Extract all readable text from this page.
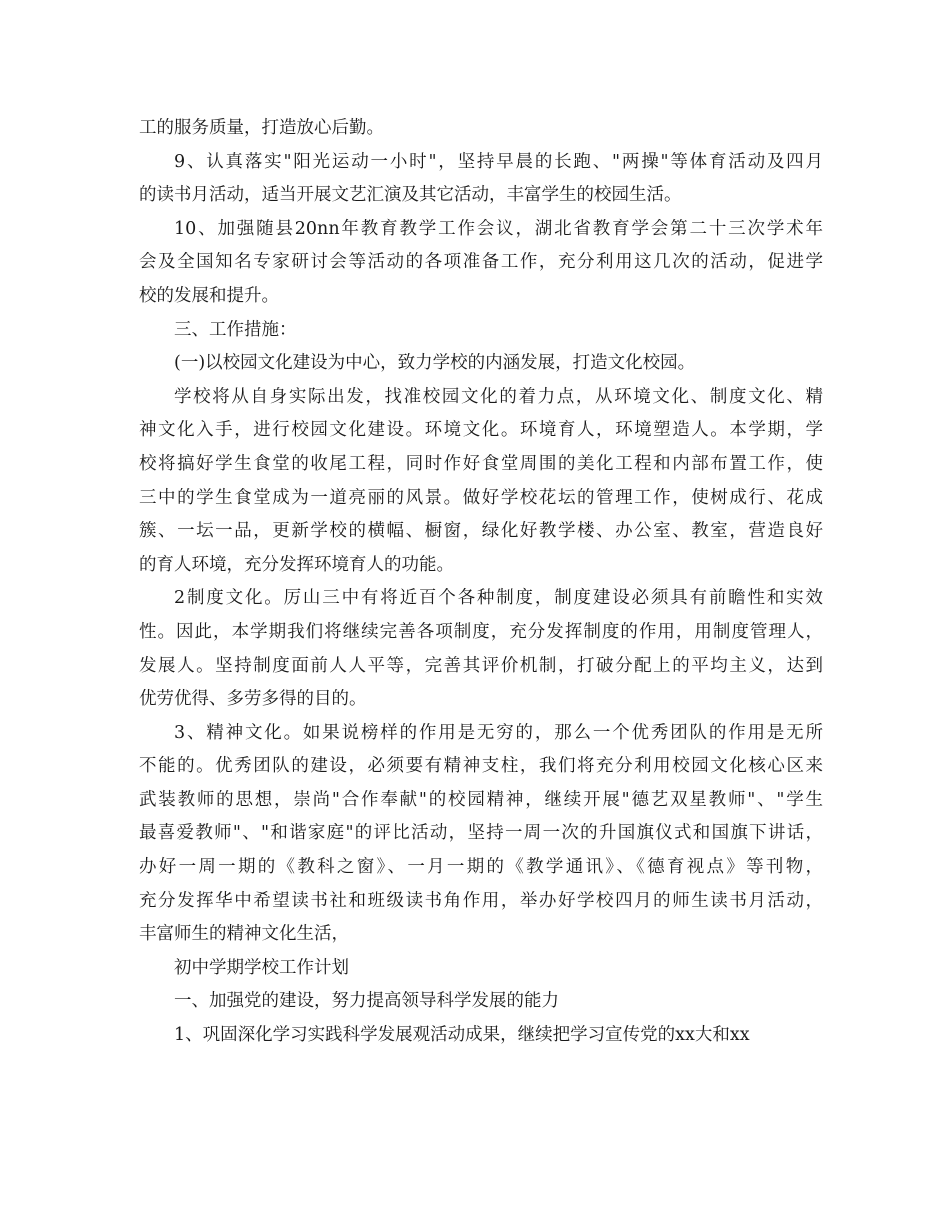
工的服务质量，打造放心后勤。

9、认真落实"阳光运动一小时"，坚持早晨的长跑、"两操"等体育活动及四月
的读书月活动，适当开展文艺汇演及其它活动，丰富学生的校园生活。

10、加强随县20nn年教育教学工作会议，湖北省教育学会第二十三次学术年
会及全国知名专家研讨会等活动的各项准备工作，充分利用这几次的活动，促进学
校的发展和提升。

三、工作措施：

(一)以校园文化建设为中心，致力学校的内涵发展，打造文化校园。

学校将从自身实际出发，找准校园文化的着力点，从环境文化、制度文化、精
神文化入手，进行校园文化建设。环境文化。环境育人，环境塑造人。本学期，学
校将搞好学生食堂的收尾工程，同时作好食堂周围的美化工程和内部布置工作，使
三中的学生食堂成为一道亮丽的风景。做好学校花坛的管理工作，使树成行、花成
簇、一坛一品，更新学校的横幅、橱窗，绿化好教学楼、办公室、教室，营造良好
的育人环境，充分发挥环境育人的功能。

2制度文化。厉山三中有将近百个各种制度，制度建设必须具有前瞻性和实效
性。因此，本学期我们将继续完善各项制度，充分发挥制度的作用，用制度管理人，
发展人。坚持制度面前人人平等，完善其评价机制，打破分配上的平均主义，达到
优劳优得、多劳多得的目的。

3、精神文化。如果说榜样的作用是无穷的，那么一个优秀团队的作用是无所
不能的。优秀团队的建设，必须要有精神支柱，我们将充分利用校园文化核心区来
武装教师的思想，崇尚"合作奉献"的校园精神，继续开展"德艺双星教师"、"学生
最喜爱教师"、"和谐家庭"的评比活动，坚持一周一次的升国旗仪式和国旗下讲话，
办好一周一期的《教科之窗》、一月一期的《教学通讯》、《德育视点》等刊物，
充分发挥华中希望读书社和班级读书角作用，举办好学校四月的师生读书月活动，
丰富师生的精神文化生活，

初中学期学校工作计划

一、加强党的建设，努力提高领导科学发展的能力

1、巩固深化学习实践科学发展观活动成果，继续把学习宣传党的xx大和xx
